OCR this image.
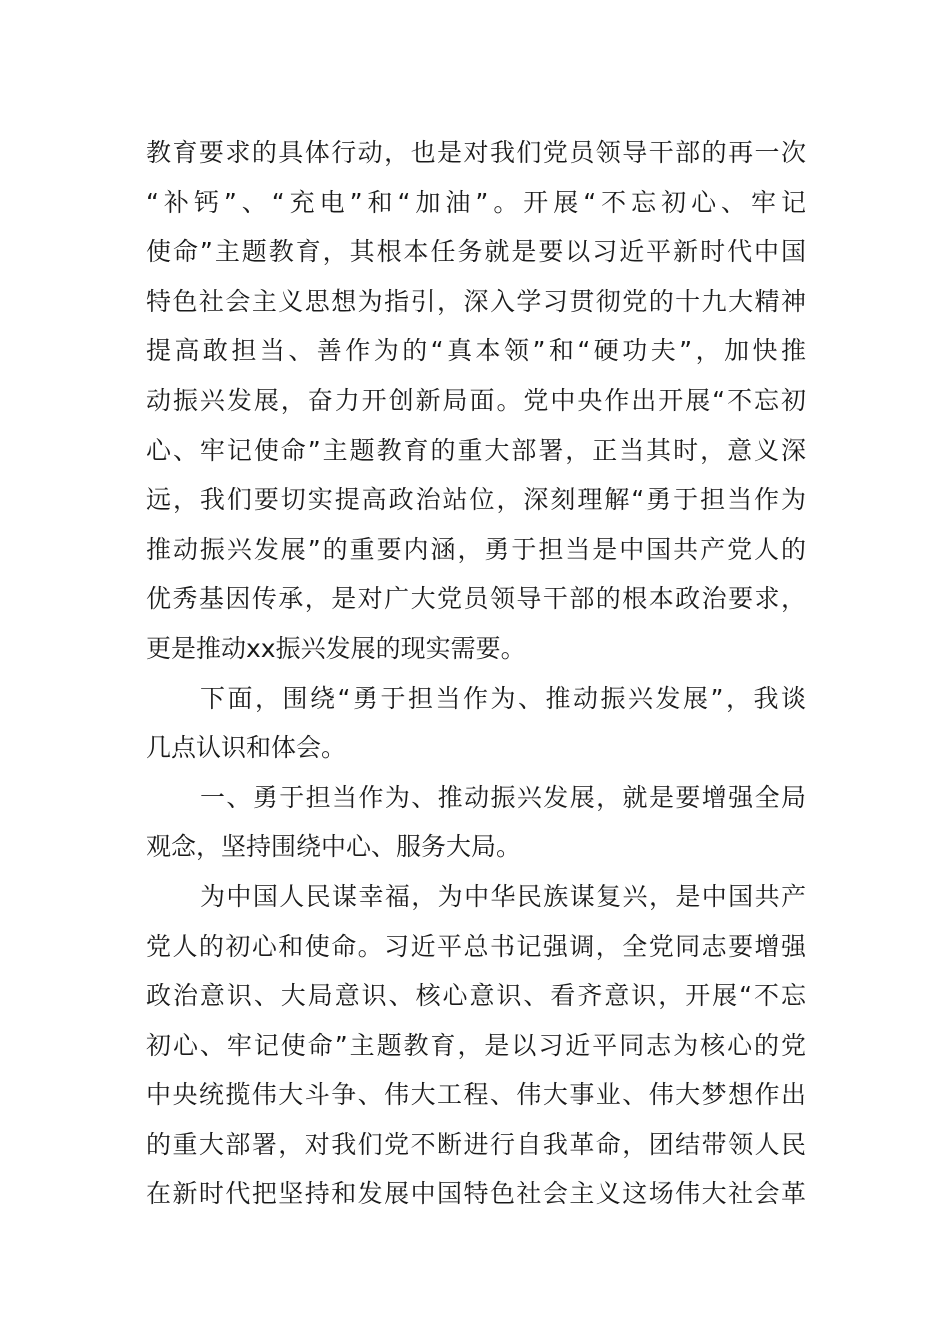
教育要求的具体行动，也是对我们党员领导干部的再一次
“补钙”、“充电”和“加油”。开展“不忘初心、牢记
使命”主题教育，其根本任务就是要以习近平新时代中国
特色社会主义思想为指引，深入学习贯彻党的十九大精神
提高敢担当、善作为的“真本领”和“硬功夫”，加快推
动振兴发展，奋力开创新局面。党中央作出开展“不忘初
心、牢记使命”主题教育的重大部署，正当其时，意义深
远，我们要切实提高政治站位，深刻理解“勇于担当作为
推动振兴发展”的重要内涵，勇于担当是中国共产党人的
优秀基因传承，是对广大党员领导干部的根本政治要求，
更是推动xx振兴发展的现实需要。
下面，围绕“勇于担当作为、推动振兴发展”，我谈
几点认识和体会。
一、勇于担当作为、推动振兴发展，就是要增强全局
观念，坚持围绕中心、服务大局。
为中国人民谋幸福，为中华民族谋复兴，是中国共产
党人的初心和使命。习近平总书记强调，全党同志要增强
政治意识、大局意识、核心意识、看齐意识，开展“不忘
初心、牢记使命”主题教育，是以习近平同志为核心的党
中央统揽伟大斗争、伟大工程、伟大事业、伟大梦想作出
的重大部署，对我们党不断进行自我革命，团结带领人民
在新时代把坚持和发展中国特色社会主义这场伟大社会革
